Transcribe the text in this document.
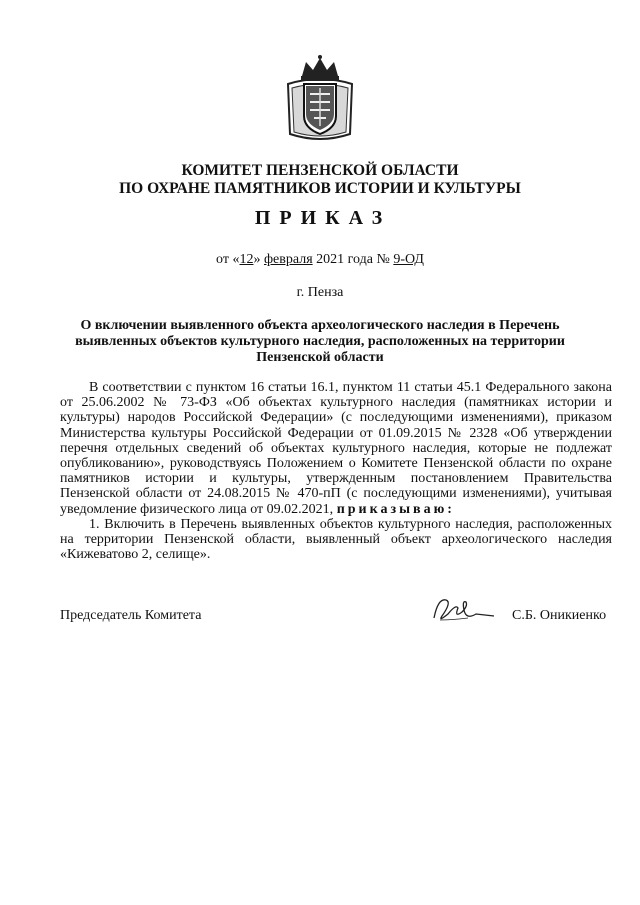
КОМИТЕТ ПЕНЗЕНСКОЙ ОБЛАСТИ
ПО ОХРАНЕ ПАМЯТНИКОВ ИСТОРИИ И КУЛЬТУРЫ
ПРИКАЗ
от «12» февраля 2021 года № 9-ОД
г. Пенза
О включении выявленного объекта археологического наследия в Перечень выявленных объектов культурного наследия, расположенных на территории Пензенской области

В соответствии с пунктом 16 статьи 16.1, пунктом 11 статьи 45.1 Федерального закона от 25.06.2002 № 73-ФЗ «Об объектах культурного наследия (памятниках истории и культуры) народов Российской Федерации» (с последующими изменениями), приказом Министерства культуры Российской Федерации от 01.09.2015 № 2328 «Об утверждении перечня отдельных сведений об объектах культурного наследия, которые не подлежат опубликованию», руководствуясь Положением о Комитете Пензенской области по охране памятников истории и культуры, утвержденным постановлением Правительства Пензенской области от 24.08.2015 № 470-пП (с последующими изменениями), учитывая уведомление физического лица от 09.02.2021, приказываю:

1. Включить в Перечень выявленных объектов культурного наследия, расположенных на территории Пензенской области, выявленный объект археологического наследия «Кижеватово 2, селище».

Председатель Комитета	С.Б. Оникиенко
